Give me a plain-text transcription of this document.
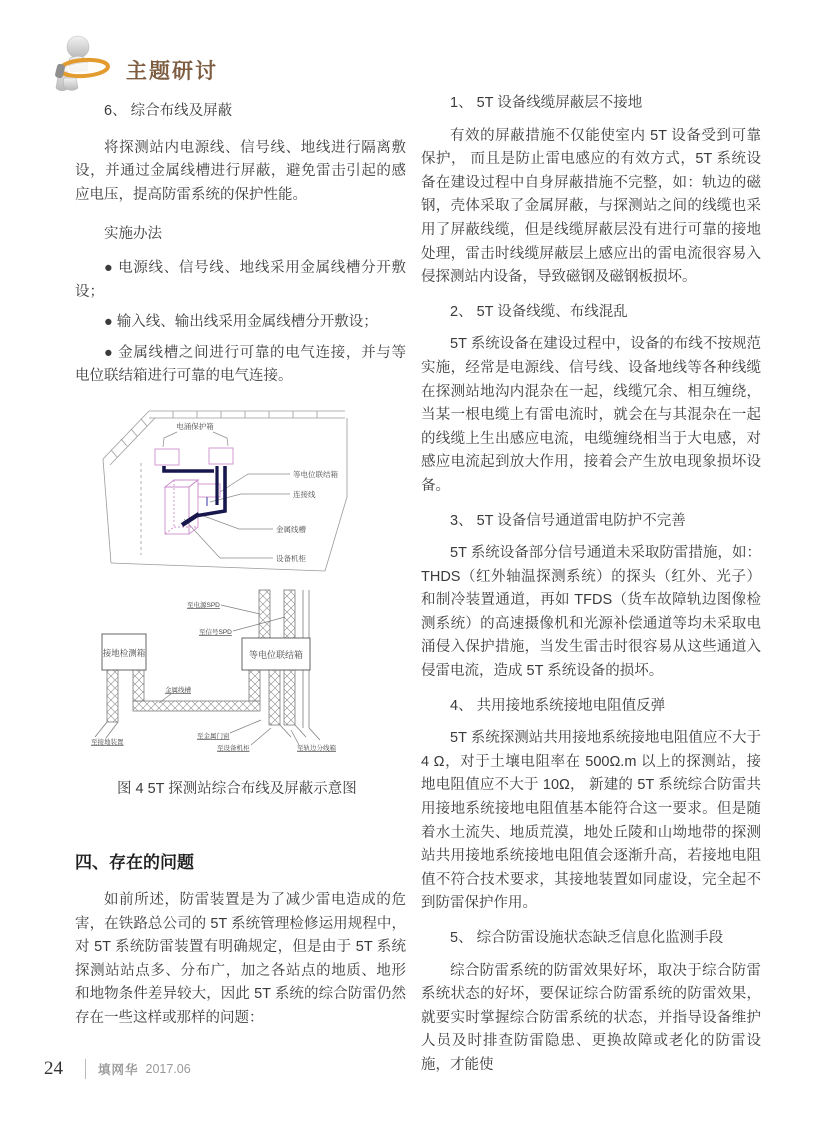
主题研讨

6、 综合布线及屏蔽

将探测站内电源线、信号线、地线进行隔离敷设，并通过金属线槽进行屏蔽，避免雷击引起的感应电压，提高防雷系统的保护性能。

实施办法

● 电源线、信号线、地线采用金属线槽分开敷设；

● 输入线、输出线采用金属线槽分开敷设；

● 金属线槽之间进行可靠的电气连接，并与等电位联结箱进行可靠的电气连接。

电涌保护箱
等电位联结箱
连接线
金属线槽
设备机柜

接地检测箱	等电位联结箱
至电源SPD
至信号SPD
金属线槽
至接地装置
至金属门窗
至设备机柜	至轨边分线箱
图 4 5T 探测站综合布线及屏蔽示意图
四、存在的问题

如前所述，防雷装置是为了减少雷电造成的危害，在铁路总公司的 5T 系统管理检修运用规程中，对 5T 系统防雷装置有明确规定，但是由于 5T 系统探测站站点多、分布广，加之各站点的地质、地形和地物条件差异较大，因此 5T 系统的综合防雷仍然存在一些这样或那样的问题：

1、 5T 设备线缆屏蔽层不接地

有效的屏蔽措施不仅能使室内 5T 设备受到可靠保护， 而且是防止雷电感应的有效方式，5T 系统设备在建设过程中自身屏蔽措施不完整，如：轨边的磁钢，壳体采取了金属屏蔽，与探测站之间的线缆也采用了屏蔽线缆，但是线缆屏蔽层没有进行可靠的接地处理，雷击时线缆屏蔽层上感应出的雷电流很容易入侵探测站内设备，导致磁钢及磁钢板损坏。

2、 5T 设备线缆、布线混乱

5T 系统设备在建设过程中，设备的布线不按规范实施，经常是电源线、信号线、设备地线等各种线缆在探测站地沟内混杂在一起，线缆冗余、相互缠绕，当某一根电缆上有雷电流时，就会在与其混杂在一起的线缆上生出感应电流，电缆缠绕相当于大电感，对感应电流起到放大作用，接着会产生放电现象损坏设备。

3、 5T 设备信号通道雷电防护不完善

5T 系统设备部分信号通道未采取防雷措施，如：THDS（红外轴温探测系统）的探头（红外、光子）和制冷装置通道，再如 TFDS（货车故障轨边图像检测系统）的高速摄像机和光源补偿通道等均未采取电涌侵入保护措施，当发生雷击时很容易从这些通道入侵雷电流，造成 5T 系统设备的损坏。

4、 共用接地系统接地电阻值反弹

5T 系统探测站共用接地系统接地电阻值应不大于 4 Ω，对于土壤电阻率在 500Ω.m 以上的探测站，接地电阻值应不大于 10Ω， 新建的 5T 系统综合防雷共用接地系统接地电阻值基本能符合这一要求。但是随着水土流失、地质荒漠，地处丘陵和山坳地带的探测站共用接地系统接地电阻值会逐渐升高，若接地电阻值不符合技术要求，其接地装置如同虚设，完全起不到防雷保护作用。

5、 综合防雷设施状态缺乏信息化监测手段

综合防雷系统的防雷效果好坏，取决于综合防雷系统状态的好坏，要保证综合防雷系统的防雷效果，就要实时掌握综合防雷系统的状态，并指导设备维护人员及时排查防雷隐患、更换故障或老化的防雷设施，才能使

24	填网华 2017.06
